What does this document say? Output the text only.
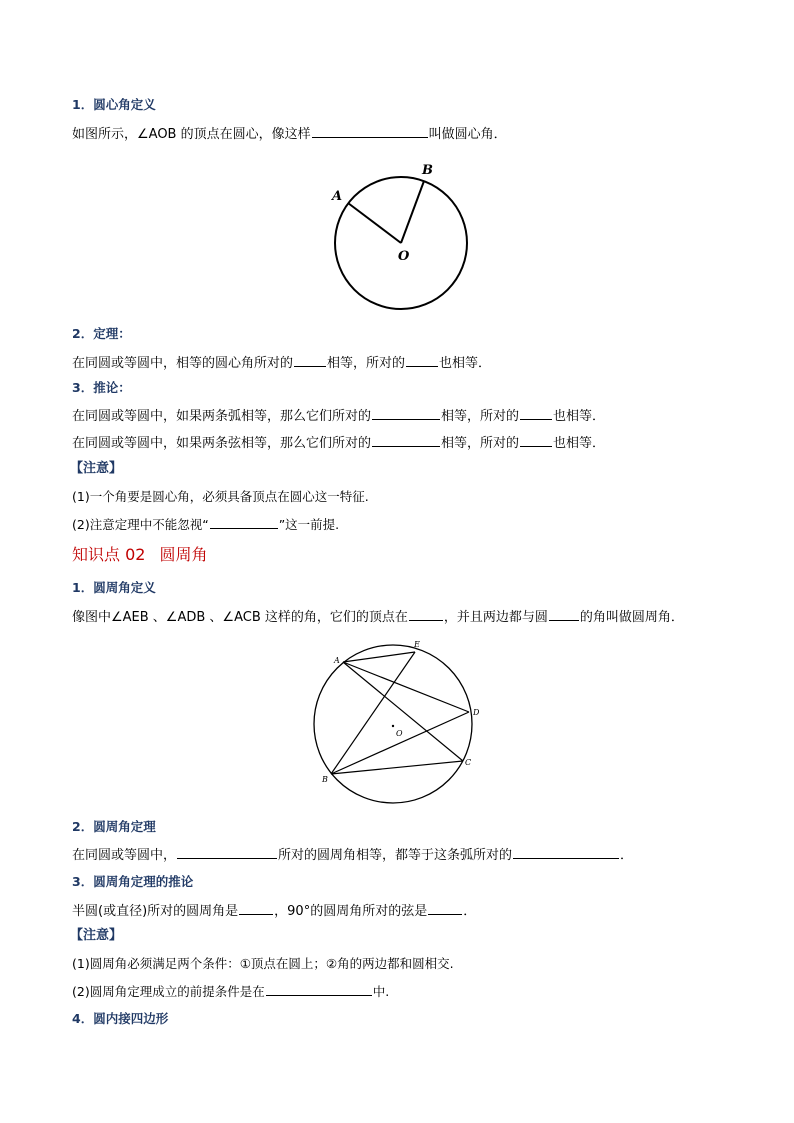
1．圆心角定义
如图所示，∠AOB 的顶点在圆心，像这样	叫做圆心角．
A
B
O
2．定理：
在同圆或等圆中，相等的圆心角所对的	相等，所对的	也相等．
3．推论：
在同圆或等圆中，如果两条弧相等，那么它们所对的	相等，所对的	也相等．
在同圆或等圆中，如果两条弦相等，那么它们所对的	相等，所对的	也相等．
【注意】
(1)一个角要是圆心角，必须具备顶点在圆心这一特征.
(2)注意定理中不能忽视“	”这一前提.
知识点 02 圆周角
1．圆周角定义
像图中∠AEB 、∠ADB 、∠ACB 这样的角，它们的顶点在	，并且两边都与圆 的角叫做圆周角．
A
B
C
D
E
O
2．圆周角定理
在同圆或等圆中，	所对的圆周角相等，都等于这条弧所对的	．
3．圆周角定理的推论
半圆(或直径)所对的圆周角是	，90°的圆周角所对的弦是	．
【注意】
(1)圆周角必须满足两个条件：①顶点在圆上；②角的两边都和圆相交.
(2)圆周角定理成立的前提条件是在	中.
4．圆内接四边形
